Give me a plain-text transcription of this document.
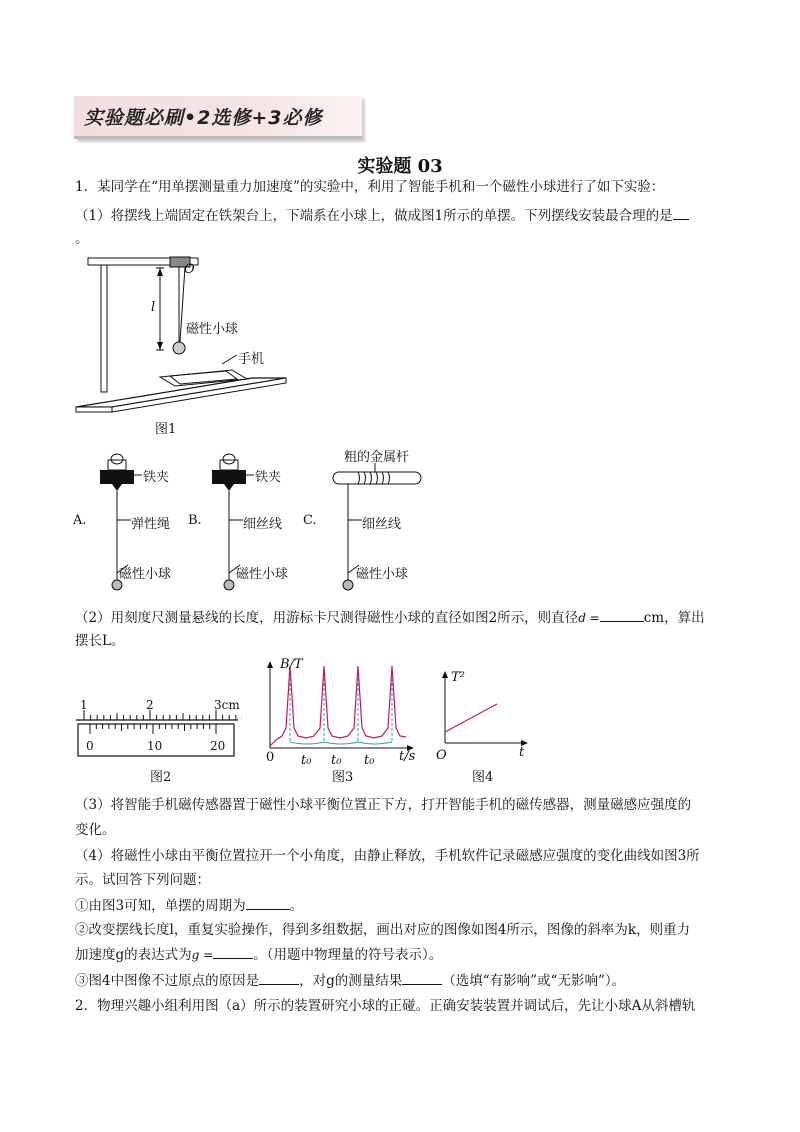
实验题必刷•2选修+3必修
实验题 03
1．某同学在“用单摆测量重力加速度”的实验中，利用了智能手机和一个磁性小球进行了如下实验：
（1）将摆线上端固定在铁架台上，下端系在小球上，做成图1所示的单摆。下列摆线安装最合理的是
。
O
l
磁性小球
手机
图1
铁夹
A.	弹性绳
磁性小球
铁夹
B.	细丝线
磁性小球
粗的金属杆
C.	细丝线
磁性小球
（2）用刻度尺测量悬线的长度，用游标卡尺测得磁性小球的直径如图2所示，则直径d =	cm，算出
摆长L。
1	2	3cm
0	10	20
图2
B/T
0 t₀ t₀ t₀ t/s
图3
T²
O	t
图4
（3）将智能手机磁传感器置于磁性小球平衡位置正下方，打开智能手机的磁传感器，测量磁感应强度的
变化。
（4）将磁性小球由平衡位置拉开一个小角度，由静止释放，手机软件记录磁感应强度的变化曲线如图3所
示。试回答下列问题：
①由图3可知，单摆的周期为	。
②改变摆线长度l，重复实验操作，得到多组数据，画出对应的图像如图4所示，图像的斜率为k，则重力
加速度g的表达式为g =	。（用题中物理量的符号表示）。
③图4中图像不过原点的原因是	，对g的测量结果	（选填“有影响”或“无影响”）。
2．物理兴趣小组利用图（a）所示的装置研究小球的正碰。正确安装装置并调试后，先让小球A从斜槽轨
